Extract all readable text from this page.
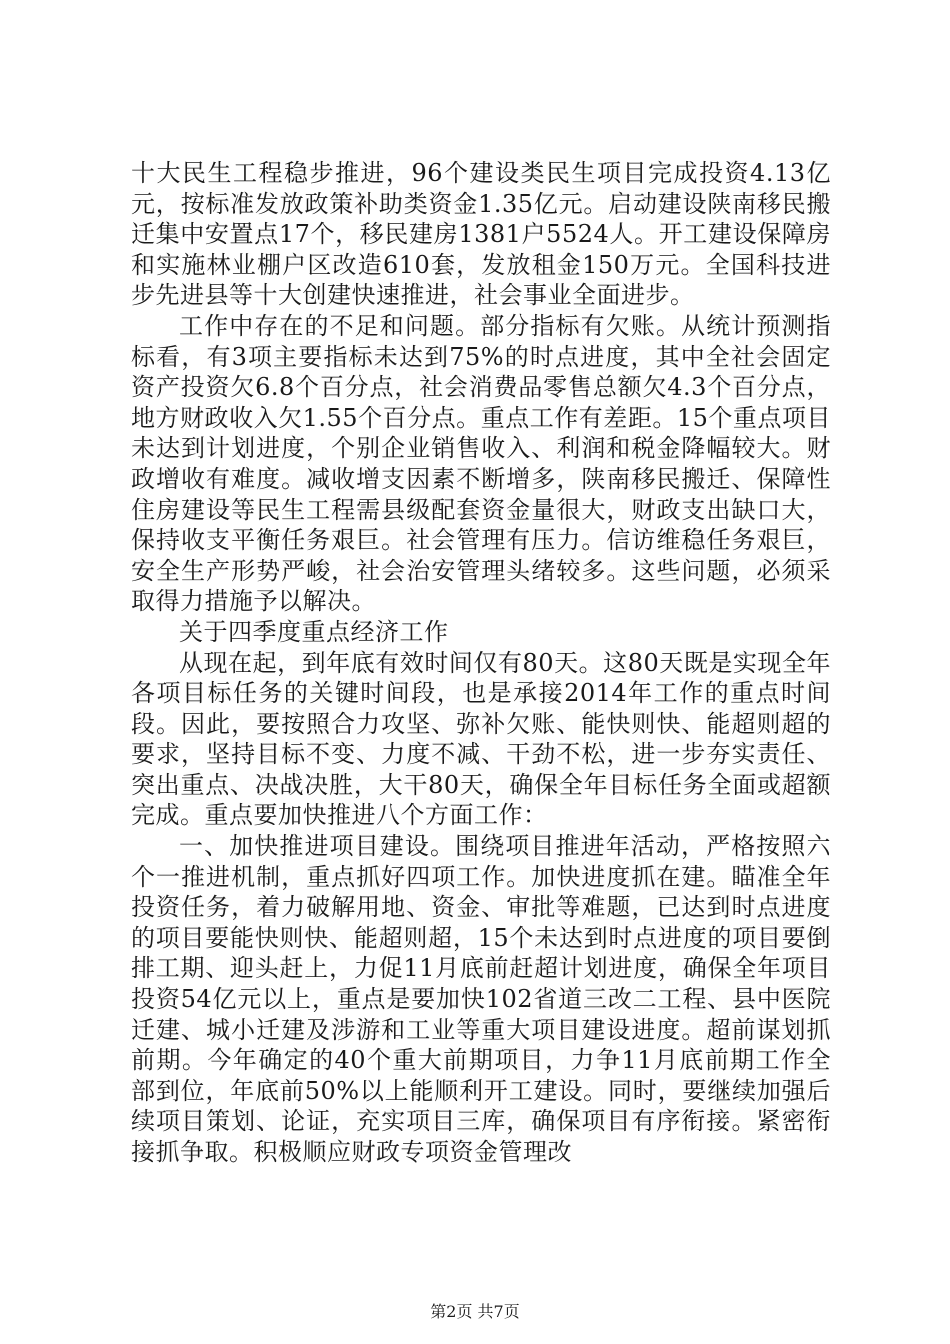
十大民生工程稳步推进，96个建设类民生项目完成投资4.13亿元，按标准发放政策补助类资金1.35亿元。启动建设陕南移民搬迁集中安置点17个，移民建房1381户5524人。开工建设保障房和实施林业棚户区改造610套，发放租金150万元。全国科技进步先进县等十大创建快速推进，社会事业全面进步。

工作中存在的不足和问题。部分指标有欠账。从统计预测指标看，有3项主要指标未达到75%的时点进度，其中全社会固定资产投资欠6.8个百分点，社会消费品零售总额欠4.3个百分点，地方财政收入欠1.55个百分点。重点工作有差距。15个重点项目未达到计划进度，个别企业销售收入、利润和税金降幅较大。财政增收有难度。减收增支因素不断增多，陕南移民搬迁、保障性住房建设等民生工程需县级配套资金量很大，财政支出缺口大，保持收支平衡任务艰巨。社会管理有压力。信访维稳任务艰巨，安全生产形势严峻，社会治安管理头绪较多。这些问题，必须采取得力措施予以解决。

关于四季度重点经济工作

从现在起，到年底有效时间仅有80天。这80天既是实现全年各项目标任务的关键时间段，也是承接2014年工作的重点时间段。因此，要按照合力攻坚、弥补欠账、能快则快、能超则超的要求，坚持目标不变、力度不减、干劲不松，进一步夯实责任、突出重点、决战决胜，大干80天，确保全年目标任务全面或超额完成。重点要加快推进八个方面工作：

一、加快推进项目建设。围绕项目推进年活动，严格按照六个一推进机制，重点抓好四项工作。加快进度抓在建。瞄准全年投资任务，着力破解用地、资金、审批等难题，已达到时点进度的项目要能快则快、能超则超，15个未达到时点进度的项目要倒排工期、迎头赶上，力促11月底前赶超计划进度，确保全年项目投资54亿元以上，重点是要加快102省道三改二工程、县中医院迁建、城小迁建及涉游和工业等重大项目建设进度。超前谋划抓前期。今年确定的40个重大前期项目，力争11月底前期工作全部到位，年底前50%以上能顺利开工建设。同时，要继续加强后续项目策划、论证，充实项目三库，确保项目有序衔接。紧密衔接抓争取。积极顺应财政专项资金管理改

第2页 共7页
